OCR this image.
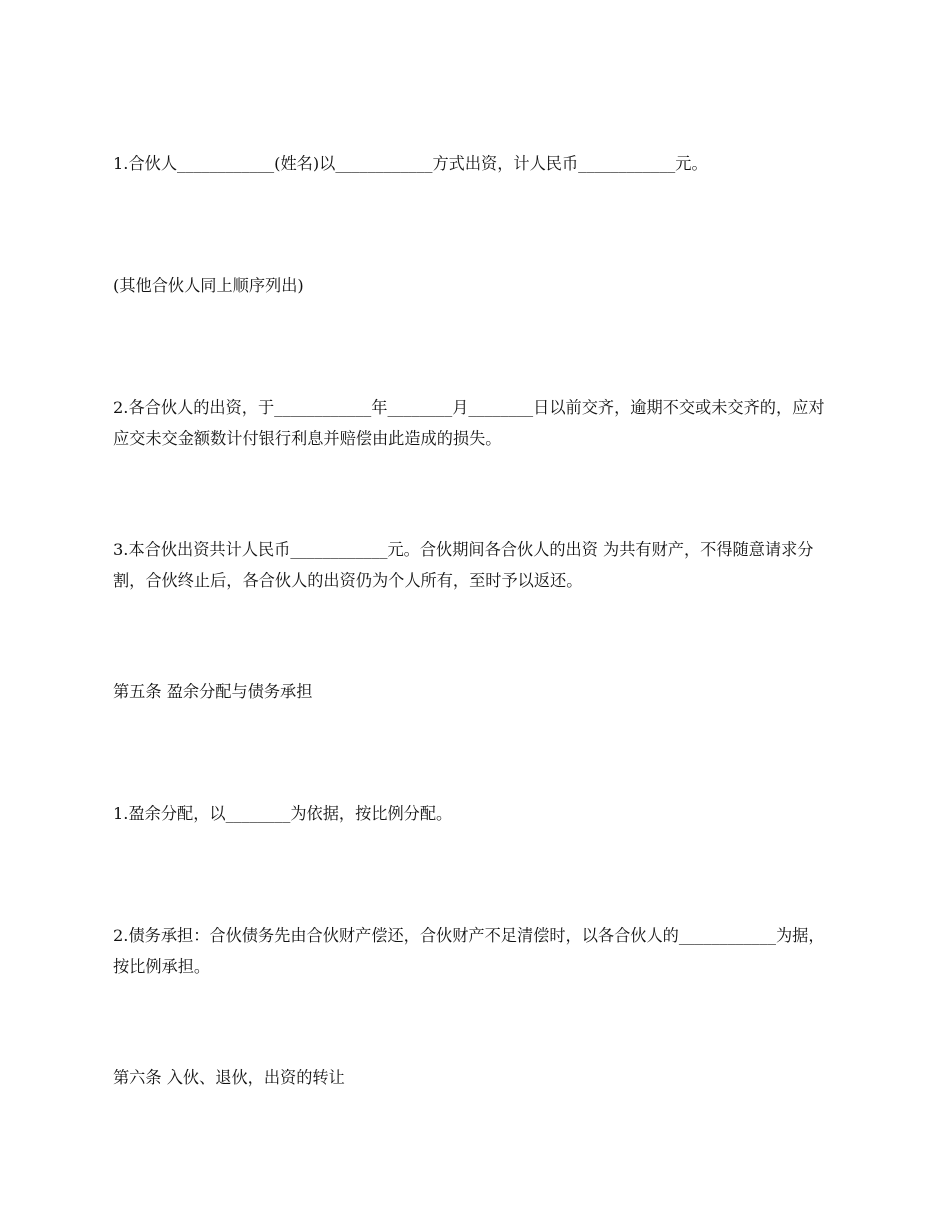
1.合伙人____________(姓名)以____________方式出资，计人民币____________元。

(其他合伙人同上顺序列出)

2.各合伙人的出资，于____________年________月________日以前交齐，逾期不交或未交齐的，应对应交未交金额数计付银行利息并赔偿由此造成的损失。

3.本合伙出资共计人民币____________元。合伙期间各合伙人的出资 为共有财产，不得随意请求分割，合伙终止后，各合伙人的出资仍为个人所有，至时予以返还。

第五条 盈余分配与债务承担

1.盈余分配，以________为依据，按比例分配。

2.债务承担：合伙债务先由合伙财产偿还，合伙财产不足清偿时，以各合伙人的____________为据，按比例承担。

第六条 入伙、退伙，出资的转让
